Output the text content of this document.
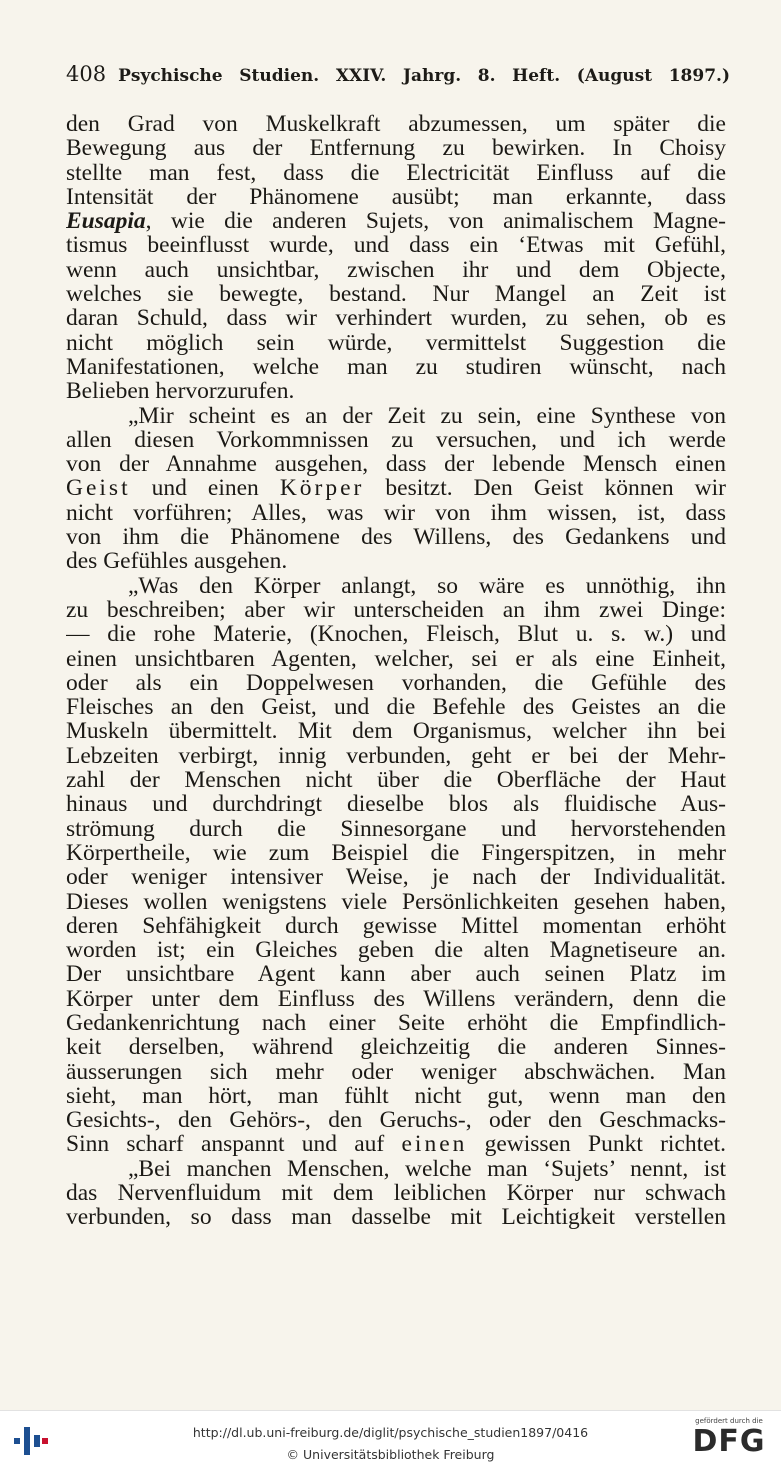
408 Psychische Studien. XXIV. Jahrg. 8. Heft. (August 1897.)
den Grad von Muskelkraft abzumessen, um später die
Bewegung aus der Entfernung zu bewirken. In Choisy
stellte man fest, dass die Electricität Einfluss auf die
Intensität der Phänomene ausübt; man erkannte, dass
Eusapia, wie die anderen Sujets, von animalischem Magne-
tismus beeinflusst wurde, und dass ein ‘Etwas mit Gefühl,
wenn auch unsichtbar, zwischen ihr und dem Objecte,
welches sie bewegte, bestand. Nur Mangel an Zeit ist
daran Schuld, dass wir verhindert wurden, zu sehen, ob es
nicht möglich sein würde, vermittelst Suggestion die
Manifestationen, welche man zu studiren wünscht, nach
Belieben hervorzurufen.
„Mir scheint es an der Zeit zu sein, eine Synthese von
allen diesen Vorkommnissen zu versuchen, und ich werde
von der Annahme ausgehen, dass der lebende Mensch einen
Geist und einen Körper besitzt. Den Geist können wir
nicht vorführen; Alles, was wir von ihm wissen, ist, dass
von ihm die Phänomene des Willens, des Gedankens und
des Gefühles ausgehen.
„Was den Körper anlangt, so wäre es unnöthig, ihn
zu beschreiben; aber wir unterscheiden an ihm zwei Dinge:
— die rohe Materie, (Knochen, Fleisch, Blut u. s. w.) und
einen unsichtbaren Agenten, welcher, sei er als eine Einheit,
oder als ein Doppelwesen vorhanden, die Gefühle des
Fleisches an den Geist, und die Befehle des Geistes an die
Muskeln übermittelt. Mit dem Organismus, welcher ihn bei
Lebzeiten verbirgt, innig verbunden, geht er bei der Mehr-
zahl der Menschen nicht über die Oberfläche der Haut
hinaus und durchdringt dieselbe blos als fluidische Aus-
strömung durch die Sinnesorgane und hervorstehenden
Körpertheile, wie zum Beispiel die Fingerspitzen, in mehr
oder weniger intensiver Weise, je nach der Individualität.
Dieses wollen wenigstens viele Persönlichkeiten gesehen haben,
deren Sehfähigkeit durch gewisse Mittel momentan erhöht
worden ist; ein Gleiches geben die alten Magnetiseure an.
Der unsichtbare Agent kann aber auch seinen Platz im
Körper unter dem Einfluss des Willens verändern, denn die
Gedankenrichtung nach einer Seite erhöht die Empfindlich-
keit derselben, während gleichzeitig die anderen Sinnes-
äusserungen sich mehr oder weniger abschwächen. Man
sieht, man hört, man fühlt nicht gut, wenn man den
Gesichts-, den Gehörs-, den Geruchs-, oder den Geschmacks-
Sinn scharf anspannt und auf einen gewissen Punkt richtet.
„Bei manchen Menschen, welche man ‘Sujets’ nennt, ist
das Nervenfluidum mit dem leiblichen Körper nur schwach
verbunden, so dass man dasselbe mit Leichtigkeit verstellen
http://dl.ub.uni-freiburg.de/diglit/psychische_studien1897/0416
© Universitätsbibliothek Freiburg
gefördert durch die
DFG
